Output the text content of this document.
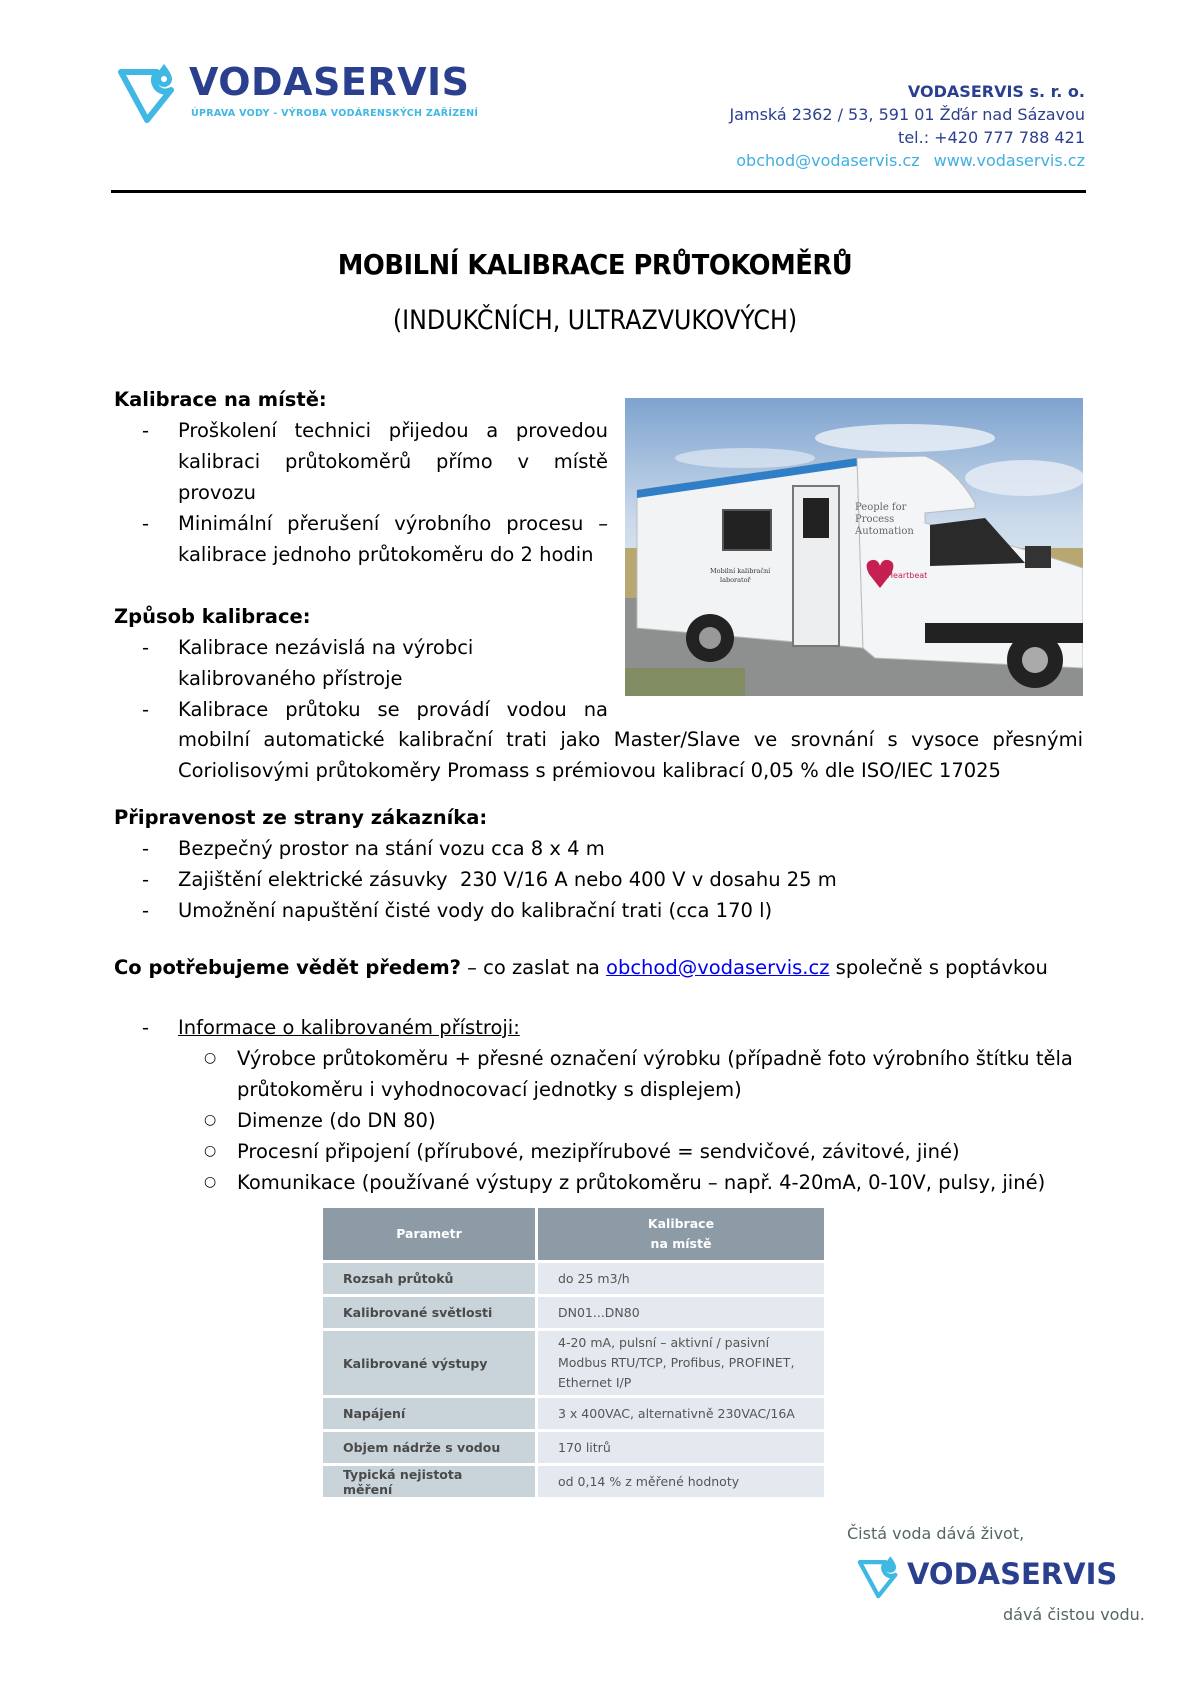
VODASERVIS
ÚPRAVA VODY - VÝROBA VODÁRENSKÝCH ZAŘÍZENÍ
VODASERVIS s. r. o.
Jamská 2362 / 53, 591 01 Žďár nad Sázavou
tel.: +420 777 788 421
obchod@vodaservis.cz www.vodaservis.cz
MOBILNÍ KALIBRACE PRŮTOKOMĚRŮ
(INDUKČNÍCH, ULTRAZVUKOVÝCH)
Kalibrace na místě:
- Proškolení technici přijedou a provedou kalibraci průtokoměrů přímo v místě provozu
- Minimální přerušení výrobního procesu – kalibrace jednoho průtokoměru do 2 hodin
People for
Process
Automation
Mobilní kalibrační
laboratoř	Heartbeat
Způsob kalibrace:
- Kalibrace nezávislá na výrobci kalibrovaného přístroje
- Kalibrace průtoku se provádí vodou na
mobilní automatické kalibrační trati jako Master/Slave ve srovnání s vysoce přesnými Coriolisovými průtokoměry Promass s prémiovou kalibrací 0,05 % dle ISO/IEC 17025
Připravenost ze strany zákazníka:
- Bezpečný prostor na stání vozu cca 8 x 4 m
- Zajištění elektrické zásuvky  230 V/16 A nebo 400 V v dosahu 25 m
- Umožnění napuštění čisté vody do kalibrační trati (cca 170 l)
Co potřebujeme vědět předem? – co zaslat na obchod@vodaservis.cz společně s poptávkou
- Informace o kalibrovaném přístroji:
○ Výrobce průtokoměru + přesné označení výrobku (případně foto výrobního štítku těla průtokoměru i vyhodnocovací jednotky s displejem)
○ Dimenze (do DN 80)
○ Procesní připojení (přírubové, mezipřírubové = sendvičové, závitové, jiné)
○ Komunikace (používané výstupy z průtokoměru – např. 4-20mA, 0-10V, pulsy, jiné)
Parametr	Kalibrace
na místě
Rozsah průtoků	do 25 m3/h
Kalibrované světlosti	DN01...DN80
Kalibrované výstupy	4-20 mA, pulsní – aktivní / pasivní
Modbus RTU/TCP, Profibus, PROFINET,
Ethernet I/P
Napájení	3 x 400VAC, alternativně 230VAC/16A
Objem nádrže s vodou	170 litrů
Typická nejistota měření	od 0,14 % z měřené hodnoty
Čistá voda dává život,
VODASERVIS
dává čistou vodu.
